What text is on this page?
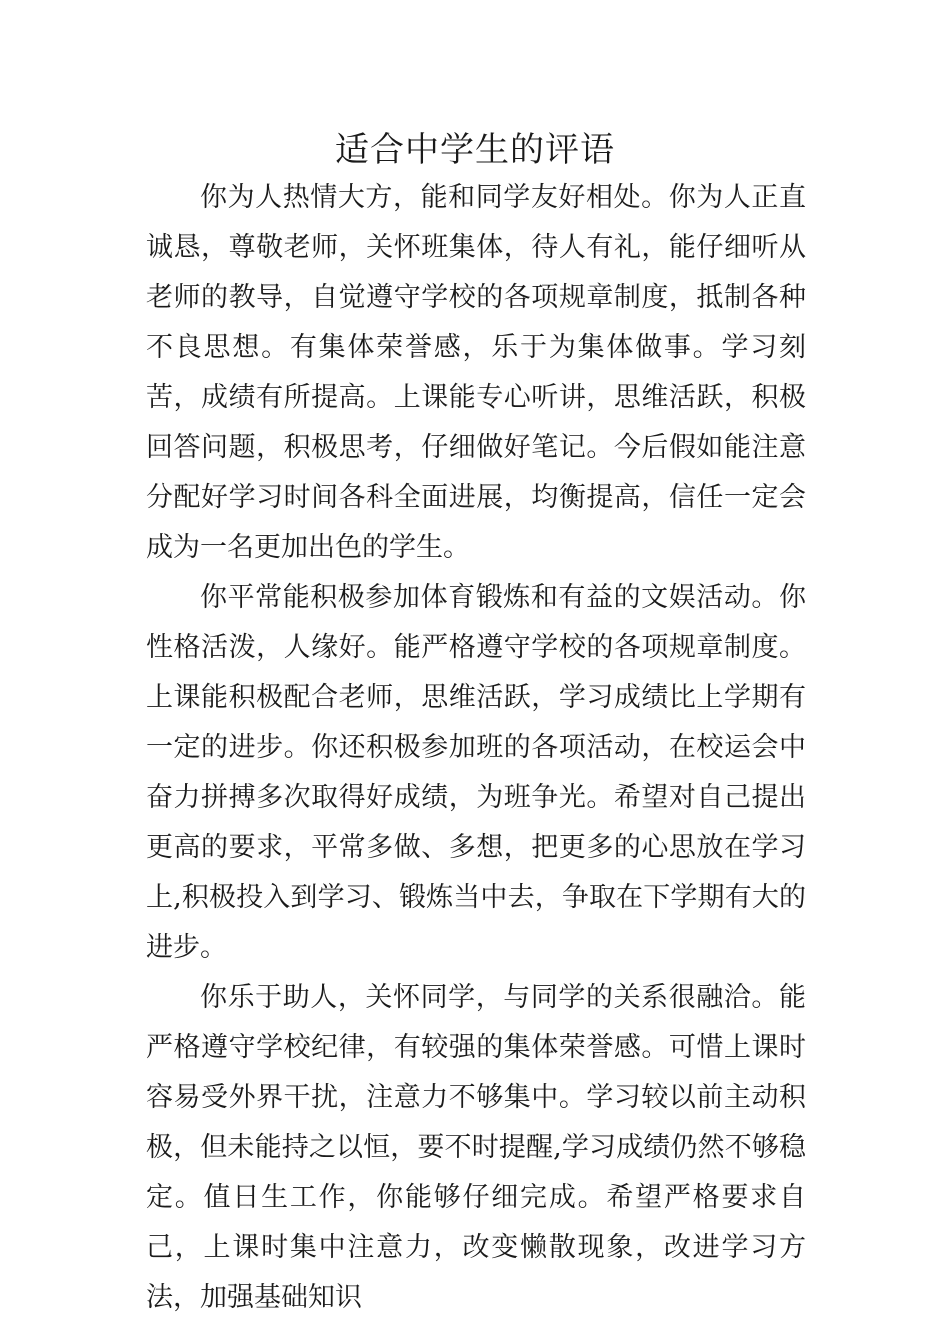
适合中学生的评语

你为人热情大方，能和同学友好相处。你为人正直诚恳，尊敬老师，关怀班集体，待人有礼，能仔细听从老师的教导，自觉遵守学校的各项规章制度，抵制各种不良思想。有集体荣誉感，乐于为集体做事。学习刻苦，成绩有所提高。上课能专心听讲，思维活跃，积极回答问题，积极思考，仔细做好笔记。今后假如能注意分配好学习时间各科全面进展，均衡提高，信任一定会成为一名更加出色的学生。

你平常能积极参加体育锻炼和有益的文娱活动。你性格活泼，人缘好。能严格遵守学校的各项规章制度。上课能积极配合老师，思维活跃，学习成绩比上学期有一定的进步。你还积极参加班的各项活动，在校运会中奋力拼搏多次取得好成绩，为班争光。希望对自己提出更高的要求，平常多做、多想，把更多的心思放在学习上,积极投入到学习、锻炼当中去，争取在下学期有大的进步。

你乐于助人，关怀同学，与同学的关系很融洽。能严格遵守学校纪律，有较强的集体荣誉感。可惜上课时容易受外界干扰，注意力不够集中。学习较以前主动积极，但未能持之以恒，要不时提醒,学习成绩仍然不够稳定。值日生工作，你能够仔细完成。希望严格要求自己，上课时集中注意力，改变懒散现象，改进学习方法，加强基础知识
